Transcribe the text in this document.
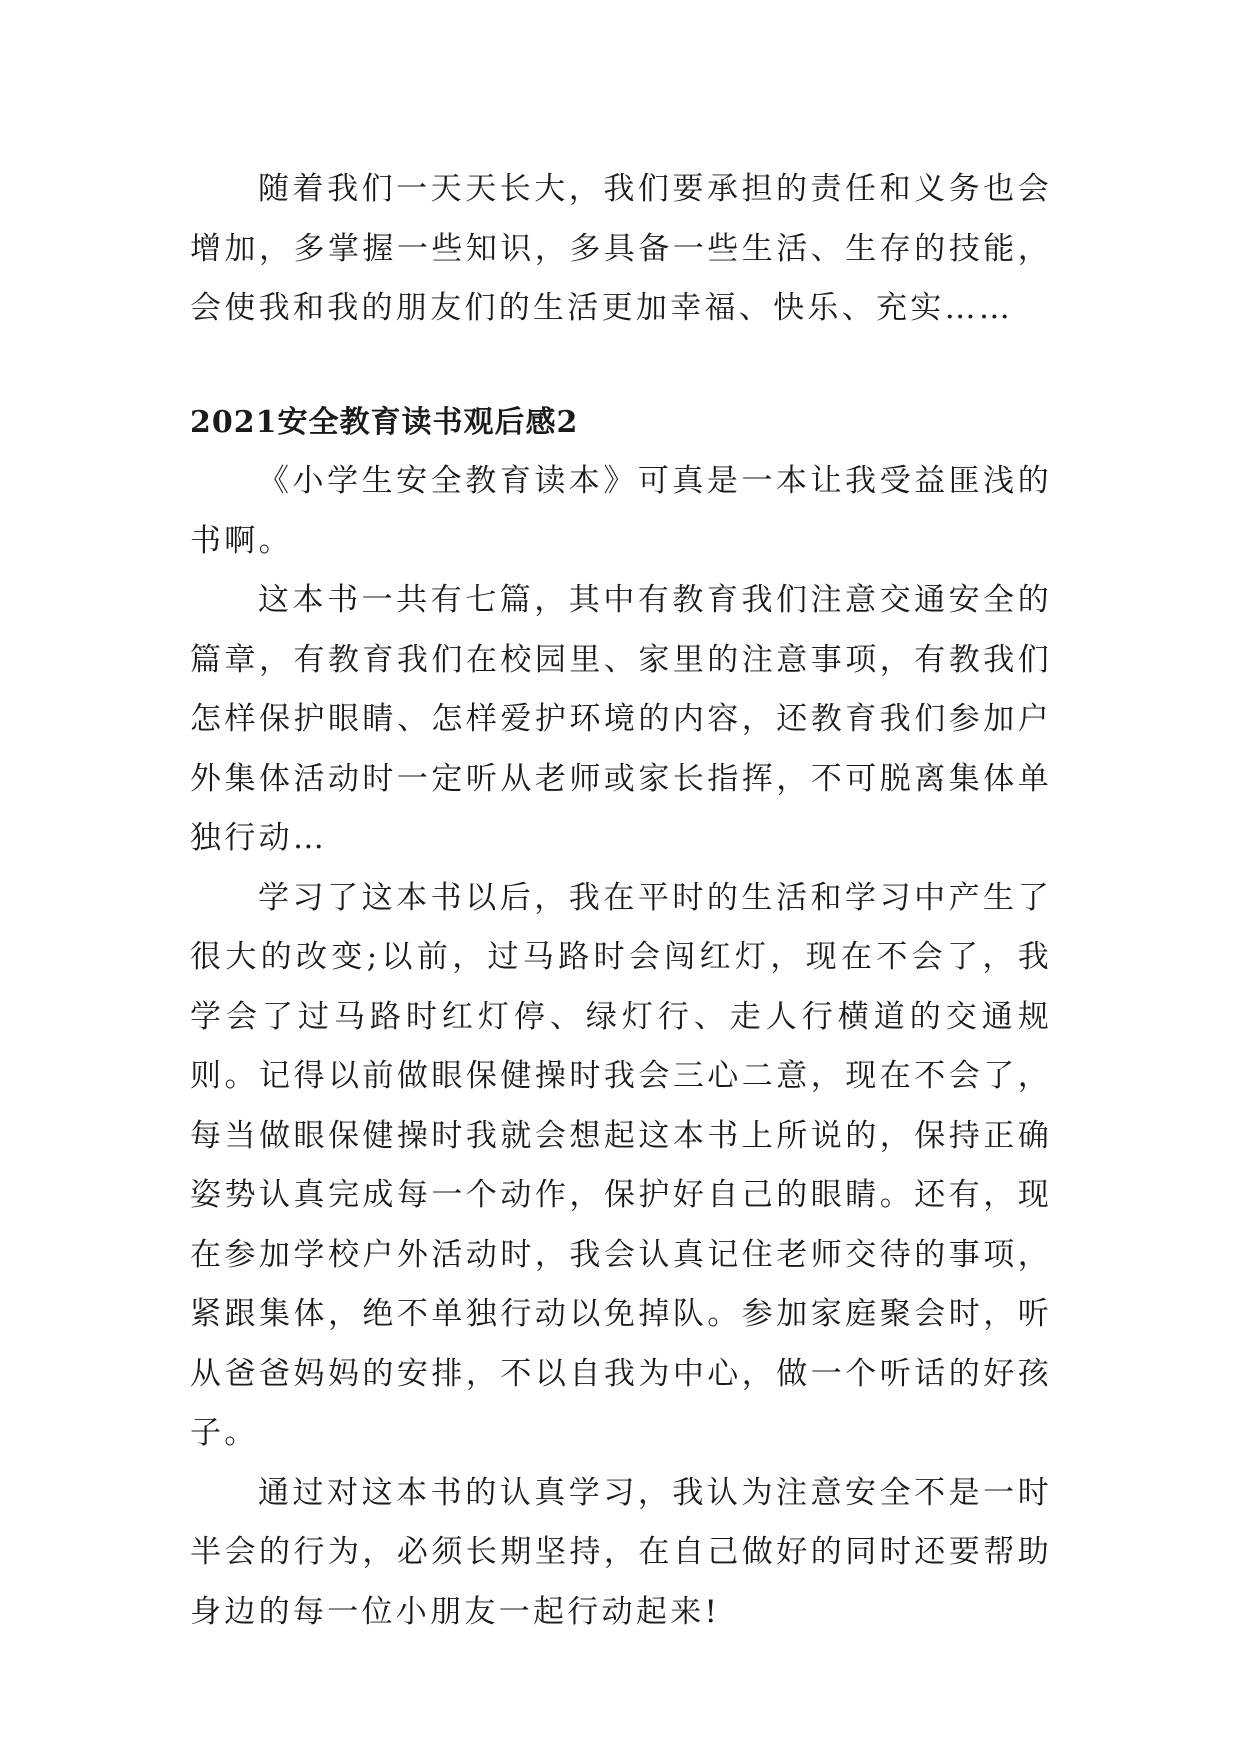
随着我们一天天长大，我们要承担的责任和义务也会增加，多掌握一些知识，多具备一些生活、生存的技能，会使我和我的朋友们的生活更加幸福、快乐、充实……

2021安全教育读书观后感2

《小学生安全教育读本》可真是一本让我受益匪浅的书啊。

这本书一共有七篇，其中有教育我们注意交通安全的篇章，有教育我们在校园里、家里的注意事项，有教我们怎样保护眼睛、怎样爱护环境的内容，还教育我们参加户外集体活动时一定听从老师或家长指挥，不可脱离集体单独行动…

学习了这本书以后，我在平时的生活和学习中产生了很大的改变;以前，过马路时会闯红灯，现在不会了，我学会了过马路时红灯停、绿灯行、走人行横道的交通规则。记得以前做眼保健操时我会三心二意，现在不会了，每当做眼保健操时我就会想起这本书上所说的，保持正确姿势认真完成每一个动作，保护好自己的眼睛。还有，现在参加学校户外活动时，我会认真记住老师交待的事项，紧跟集体，绝不单独行动以免掉队。参加家庭聚会时，听从爸爸妈妈的安排，不以自我为中心，做一个听话的好孩子。

通过对这本书的认真学习，我认为注意安全不是一时半会的行为，必须长期坚持，在自己做好的同时还要帮助身边的每一位小朋友一起行动起来!
